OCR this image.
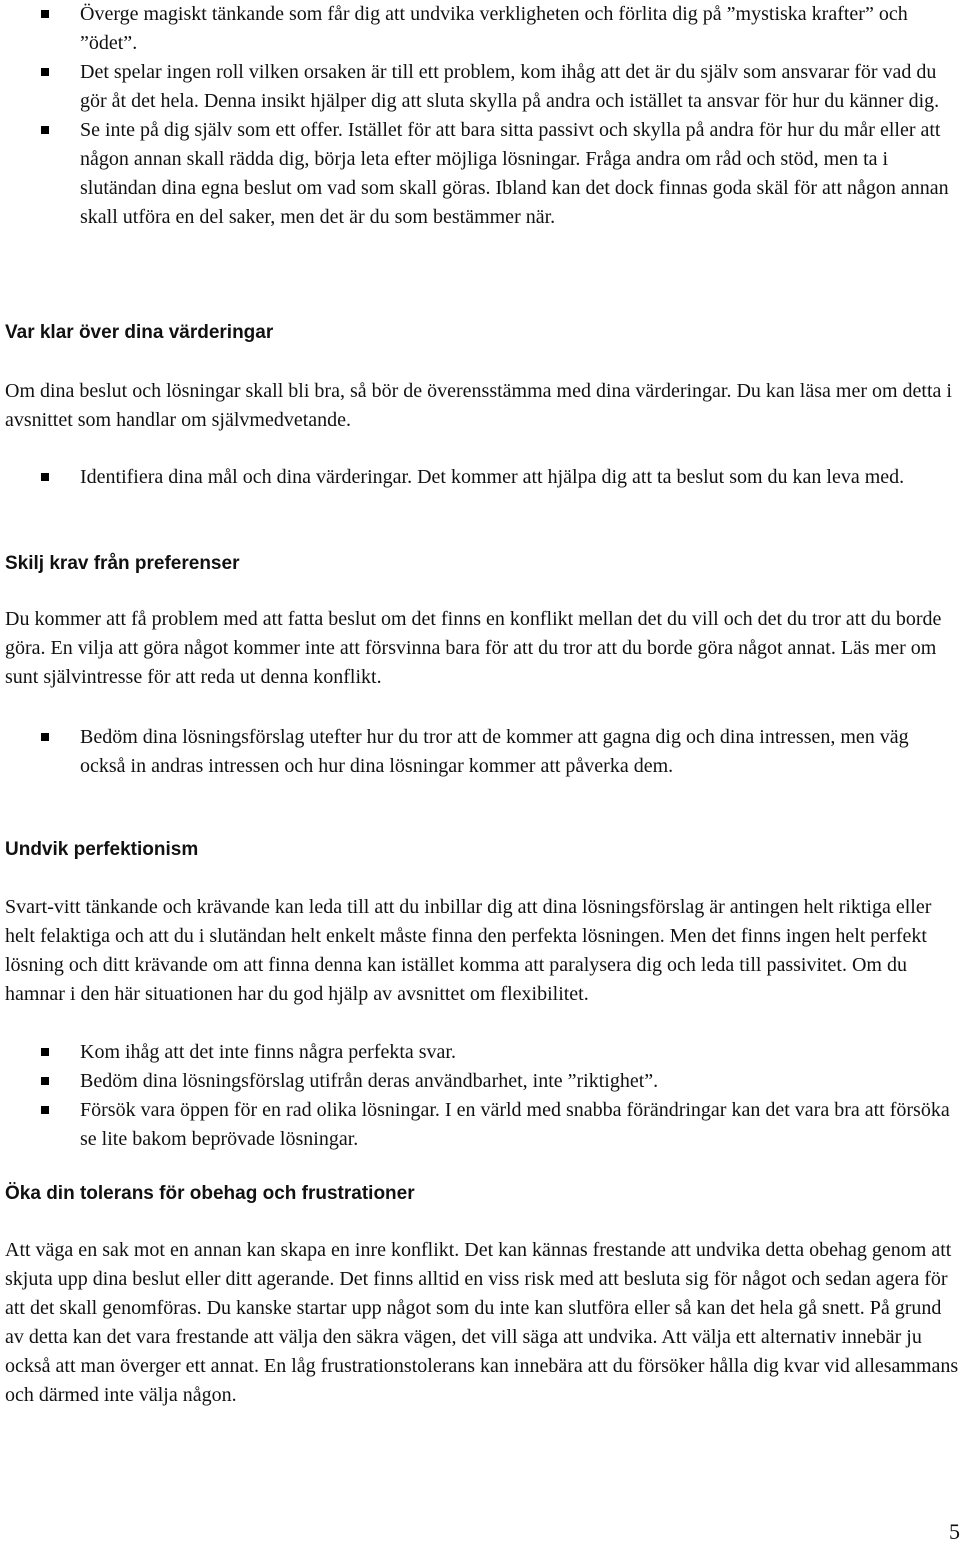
Överge magiskt tänkande som får dig att undvika verkligheten och förlita dig på ”mystiska krafter” och ”ödet”.
Det spelar ingen roll vilken orsaken är till ett problem, kom ihåg att det är du själv som ansvarar för vad du gör åt det hela. Denna insikt hjälper dig att sluta skylla på andra och istället ta ansvar för hur du känner dig.
Se inte på dig själv som ett offer. Istället för att bara sitta passivt och skylla på andra för hur du mår eller att någon annan skall rädda dig, börja leta efter möjliga lösningar. Fråga andra om råd och stöd, men ta i slutändan dina egna beslut om vad som skall göras. Ibland kan det dock finnas goda skäl för att någon annan skall utföra en del saker, men det är du som bestämmer när.
Var klar över dina värderingar

Om dina beslut och lösningar skall bli bra, så bör de överensstämma med dina värderingar. Du kan läsa mer om detta i avsnittet som handlar om självmedvetande.

Identifiera dina mål och dina värderingar. Det kommer att hjälpa dig att ta beslut som du kan leva med.
Skilj krav från preferenser

Du kommer att få problem med att fatta beslut om det finns en konflikt mellan det du vill och det du tror att du borde göra. En vilja att göra något kommer inte att försvinna bara för att du tror att du borde göra något annat. Läs mer om sunt självintresse för att reda ut denna konflikt.

Bedöm dina lösningsförslag utefter hur du tror att de kommer att gagna dig och dina intressen, men väg också in andras intressen och hur dina lösningar kommer att påverka dem.
Undvik perfektionism

Svart-vitt tänkande och krävande kan leda till att du inbillar dig att dina lösningsförslag är antingen helt riktiga eller helt felaktiga och att du i slutändan helt enkelt måste finna den perfekta lösningen. Men det finns ingen helt perfekt lösning och ditt krävande om att finna denna kan istället komma att paralysera dig och leda till passivitet. Om du hamnar i den här situationen har du god hjälp av avsnittet om flexibilitet.

Kom ihåg att det inte finns några perfekta svar.
Bedöm dina lösningsförslag utifrån deras användbarhet, inte ”riktighet”.
Försök vara öppen för en rad olika lösningar. I en värld med snabba förändringar kan det vara bra att försöka se lite bakom beprövade lösningar.
Öka din tolerans för obehag och frustrationer

Att väga en sak mot en annan kan skapa en inre konflikt. Det kan kännas frestande att undvika detta obehag genom att skjuta upp dina beslut eller ditt agerande. Det finns alltid en viss risk med att besluta sig för något och sedan agera för att det skall genomföras. Du kanske startar upp något som du inte kan slutföra eller så kan det hela gå snett. På grund av detta kan det vara frestande att välja den säkra vägen, det vill säga att undvika. Att välja ett alternativ innebär ju också att man överger ett annat. En låg frustrationstolerans kan innebära att du försöker hålla dig kvar vid allesammans och därmed inte välja någon.

5
